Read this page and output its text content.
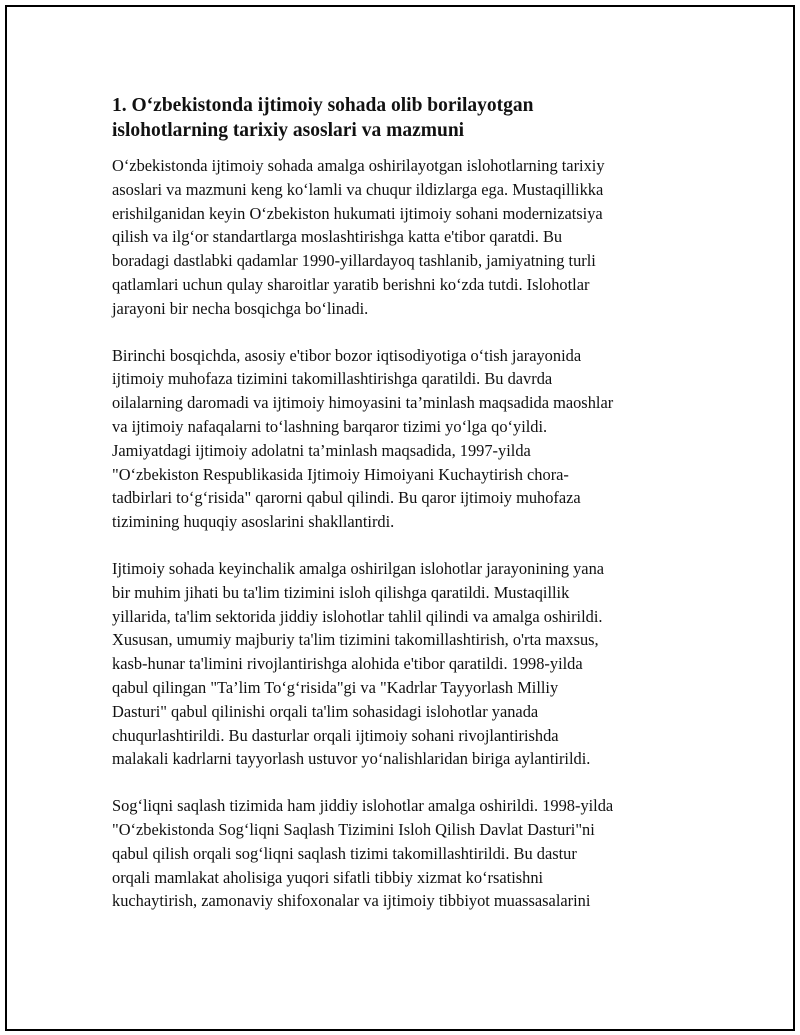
1. O‘zbekistonda ijtimoiy sohada olib borilayotgan
islohotlarning tarixiy asoslari va mazmuni

O‘zbekistonda ijtimoiy sohada amalga oshirilayotgan islohotlarning tarixiy
asoslari va mazmuni keng ko‘lamli va chuqur ildizlarga ega. Mustaqillikka
erishilganidan keyin O‘zbekiston hukumati ijtimoiy sohani modernizatsiya
qilish va ilg‘or standartlarga moslashtirishga katta e'tibor qaratdi. Bu
boradagi dastlabki qadamlar 1990-yillardayoq tashlanib, jamiyatning turli
qatlamlari uchun qulay sharoitlar yaratib berishni ko‘zda tutdi. Islohotlar
jarayoni bir necha bosqichga bo‘linadi.

Birinchi bosqichda, asosiy e'tibor bozor iqtisodiyotiga o‘tish jarayonida
ijtimoiy muhofaza tizimini takomillashtirishga qaratildi. Bu davrda
oilalarning daromadi va ijtimoiy himoyasini ta’minlash maqsadida maoshlar
va ijtimoiy nafaqalarni to‘lashning barqaror tizimi yo‘lga qo‘yildi.
Jamiyatdagi ijtimoiy adolatni ta’minlash maqsadida, 1997-yilda
"O‘zbekiston Respublikasida Ijtimoiy Himoiyani Kuchaytirish chora-
tadbirlari to‘g‘risida" qarorni qabul qilindi. Bu qaror ijtimoiy muhofaza
tizimining huquqiy asoslarini shakllantirdi.

Ijtimoiy sohada keyinchalik amalga oshirilgan islohotlar jarayonining yana
bir muhim jihati bu ta'lim tizimini isloh qilishga qaratildi. Mustaqillik
yillarida, ta'lim sektorida jiddiy islohotlar tahlil qilindi va amalga oshirildi.
Xususan, umumiy majburiy ta'lim tizimini takomillashtirish, o'rta maxsus,
kasb-hunar ta'limini rivojlantirishga alohida e'tibor qaratildi. 1998-yilda
qabul qilingan "Ta’lim To‘g‘risida"gi va "Kadrlar Tayyorlash Milliy
Dasturi" qabul qilinishi orqali ta'lim sohasidagi islohotlar yanada
chuqurlashtirildi. Bu dasturlar orqali ijtimoiy sohani rivojlantirishda
malakali kadrlarni tayyorlash ustuvor yo‘nalishlaridan biriga aylantirildi.

Sog‘liqni saqlash tizimida ham jiddiy islohotlar amalga oshirildi. 1998-yilda
"O‘zbekistonda Sog‘liqni Saqlash Tizimini Isloh Qilish Davlat Dasturi"ni
qabul qilish orqali sog‘liqni saqlash tizimi takomillashtirildi. Bu dastur
orqali mamlakat aholisiga yuqori sifatli tibbiy xizmat ko‘rsatishni
kuchaytirish, zamonaviy shifoxonalar va ijtimoiy tibbiyot muassasalarini
